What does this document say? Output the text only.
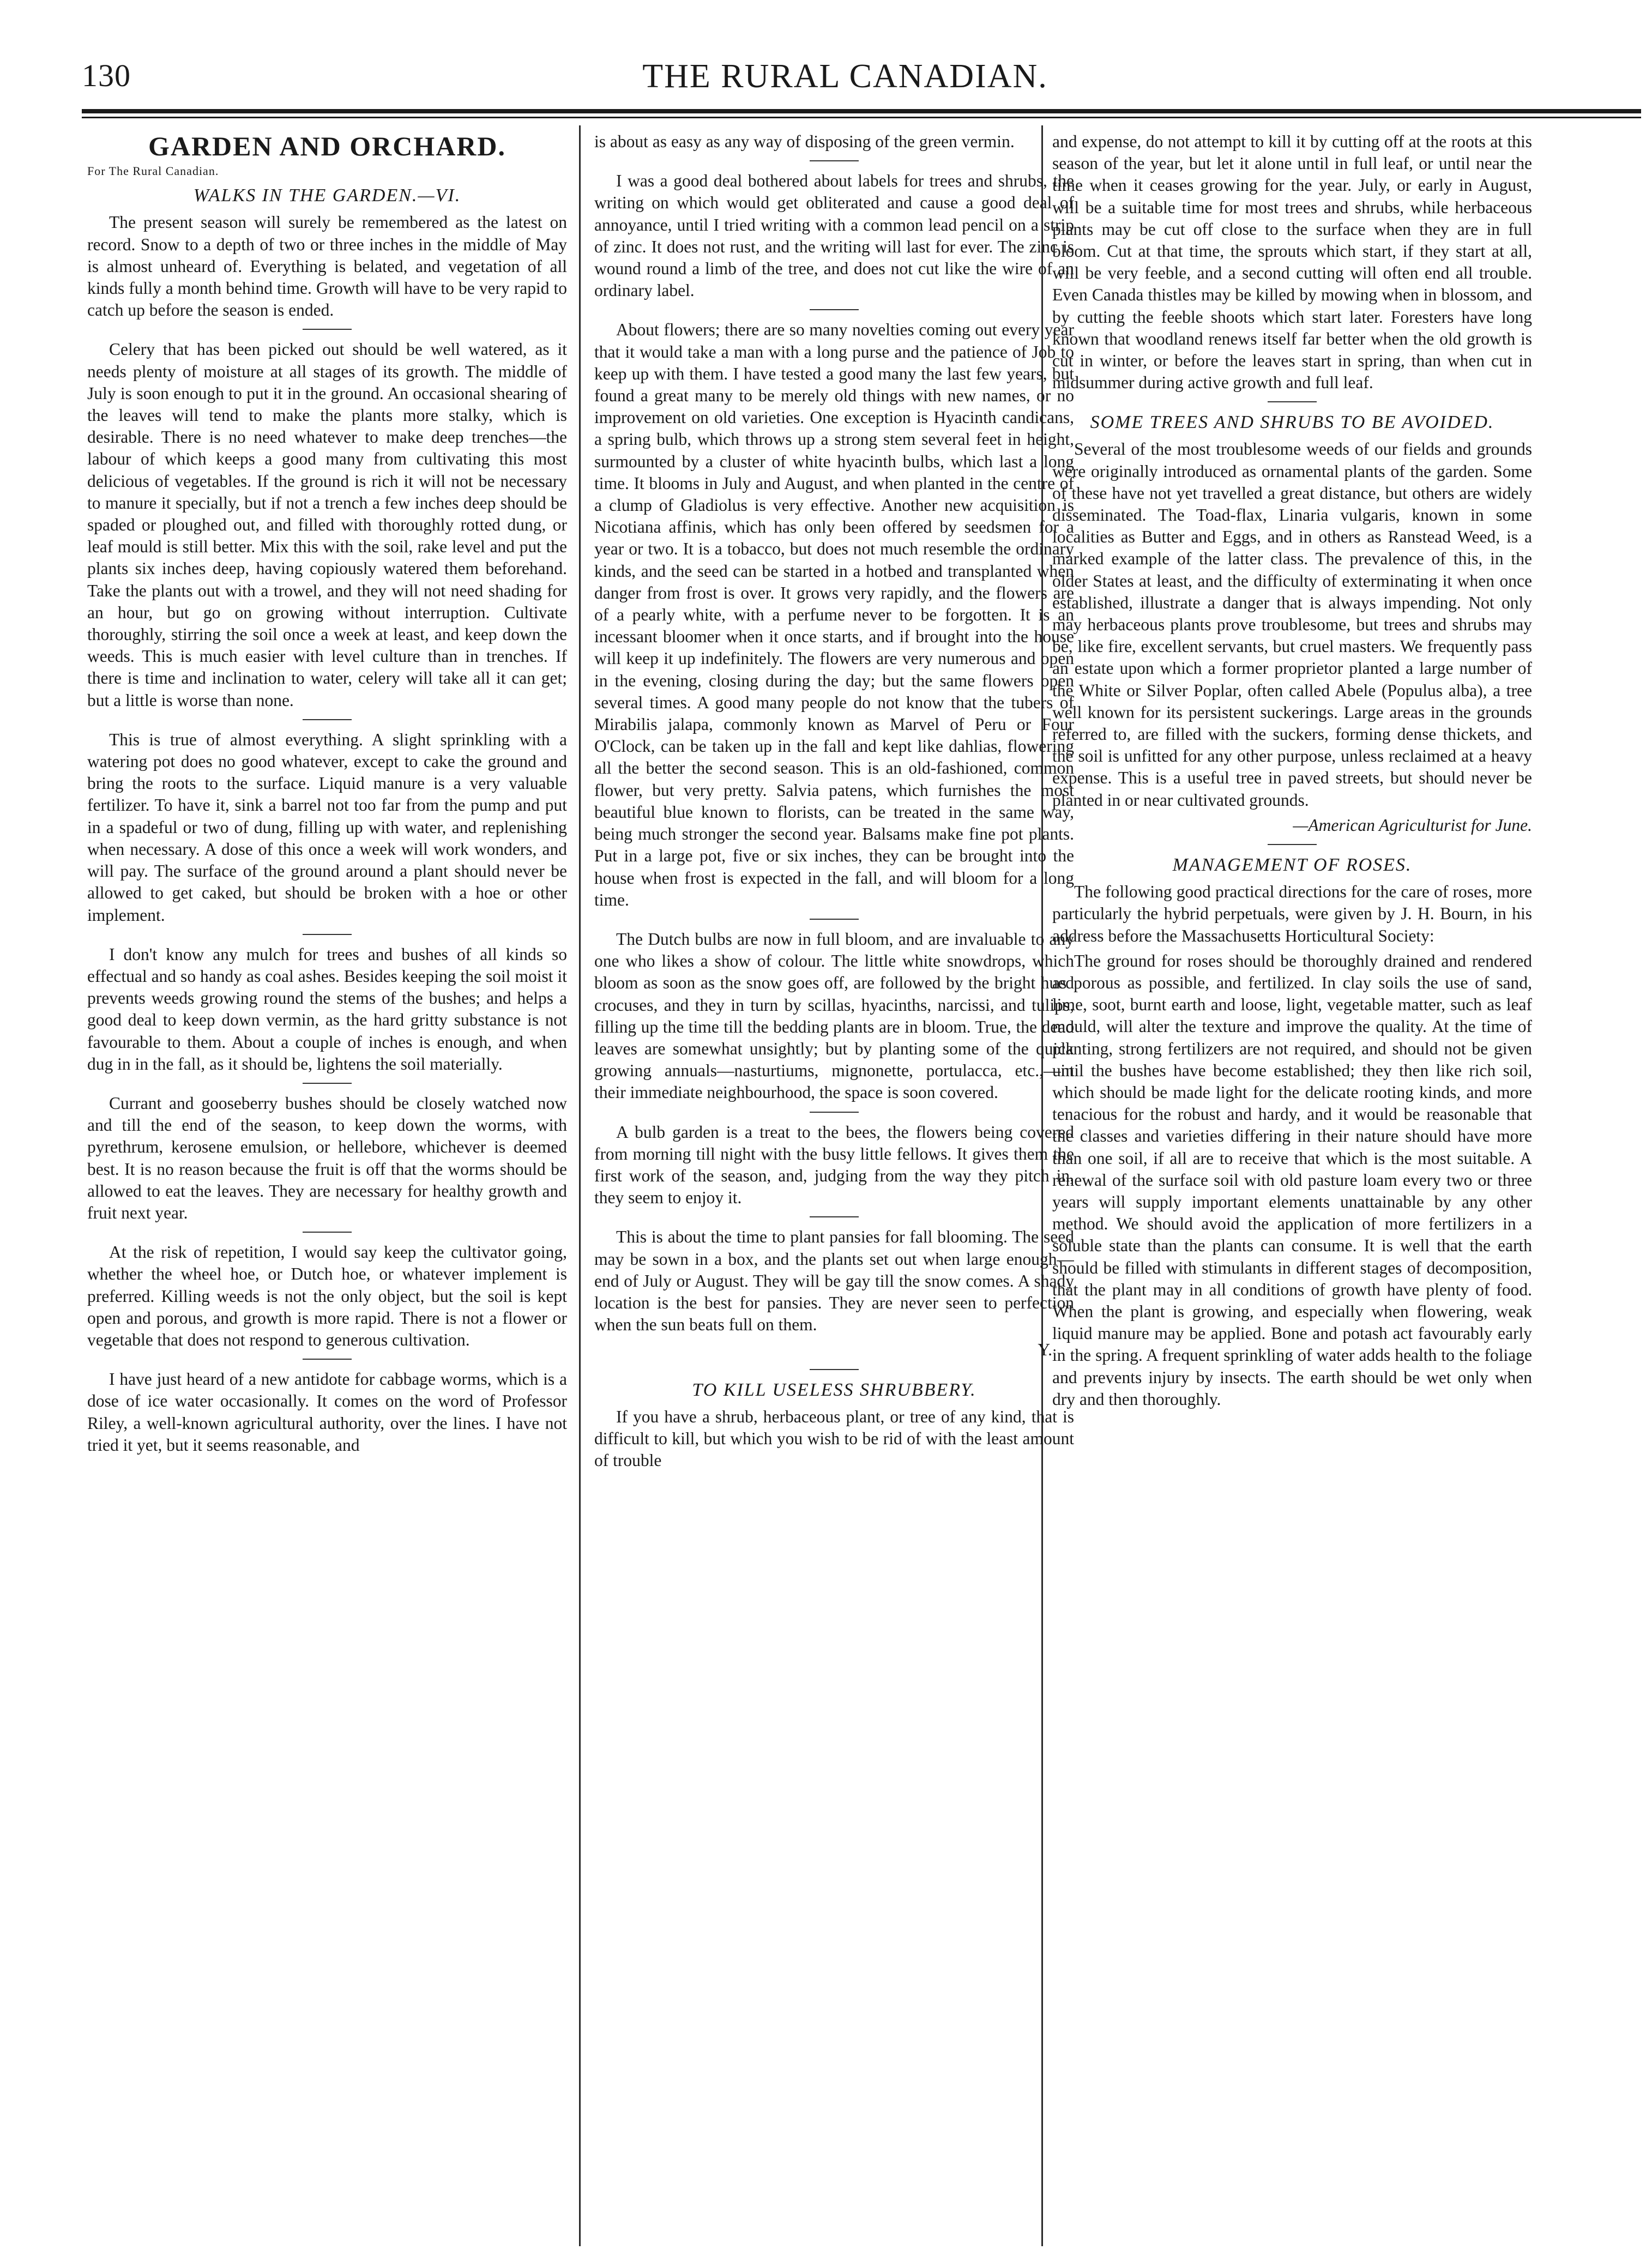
130	THE RURAL CANADIAN.
GARDEN AND ORCHARD.
For The Rural Canadian.
WALKS IN THE GARDEN.—VI.

The present season will surely be remembered as the latest on record. Snow to a depth of two or three inches in the middle of May is almost unheard of. Everything is belated, and vegetation of all kinds fully a month behind time. Growth will have to be very rapid to catch up before the season is ended.

Celery that has been picked out should be well watered, as it needs plenty of moisture at all stages of its growth. The middle of July is soon enough to put it in the ground. An occasional shearing of the leaves will tend to make the plants more stalky, which is desirable. There is no need whatever to make deep trenches—the labour of which keeps a good many from cultivating this most delicious of vegetables. If the ground is rich it will not be necessary to manure it specially, but if not a trench a few inches deep should be spaded or ploughed out, and filled with thoroughly rotted dung, or leaf mould is still better. Mix this with the soil, rake level and put the plants six inches deep, having copiously watered them beforehand. Take the plants out with a trowel, and they will not need shading for an hour, but go on growing without interruption. Cultivate thoroughly, stirring the soil once a week at least, and keep down the weeds. This is much easier with level culture than in trenches. If there is time and inclination to water, celery will take all it can get; but a little is worse than none.

This is true of almost everything. A slight sprinkling with a watering pot does no good whatever, except to cake the ground and bring the roots to the surface. Liquid manure is a very valuable fertilizer. To have it, sink a barrel not too far from the pump and put in a spadeful or two of dung, filling up with water, and replenishing when necessary. A dose of this once a week will work wonders, and will pay. The surface of the ground around a plant should never be allowed to get caked, but should be broken with a hoe or other implement.

I don't know any mulch for trees and bushes of all kinds so effectual and so handy as coal ashes. Besides keeping the soil moist it prevents weeds growing round the stems of the bushes; and helps a good deal to keep down vermin, as the hard gritty substance is not favourable to them. About a couple of inches is enough, and when dug in in the fall, as it should be, lightens the soil materially.

Currant and gooseberry bushes should be closely watched now and till the end of the season, to keep down the worms, with pyrethrum, kerosene emulsion, or hellebore, whichever is deemed best. It is no reason because the fruit is off that the worms should be allowed to eat the leaves. They are necessary for healthy growth and fruit next year.

At the risk of repetition, I would say keep the cultivator going, whether the wheel hoe, or Dutch hoe, or whatever implement is preferred. Killing weeds is not the only object, but the soil is kept open and porous, and growth is more rapid. There is not a flower or vegetable that does not respond to generous cultivation.

I have just heard of a new antidote for cabbage worms, which is a dose of ice water occasionally. It comes on the word of Professor Riley, a well-known agricultural authority, over the lines. I have not tried it yet, but it seems reasonable, and

is about as easy as any way of disposing of the green vermin.

I was a good deal bothered about labels for trees and shrubs, the writing on which would get obliterated and cause a good deal of annoyance, until I tried writing with a common lead pencil on a strip of zinc. It does not rust, and the writing will last for ever. The zinc is wound round a limb of the tree, and does not cut like the wire of an ordinary label.

About flowers; there are so many novelties coming out every year that it would take a man with a long purse and the patience of Job to keep up with them. I have tested a good many the last few years, but found a great many to be merely old things with new names, or no improvement on old varieties. One exception is Hyacinth candicans, a spring bulb, which throws up a strong stem several feet in height, surmounted by a cluster of white hyacinth bulbs, which last a long time. It blooms in July and August, and when planted in the centre of a clump of Gladiolus is very effective. Another new acquisition is Nicotiana affinis, which has only been offered by seedsmen for a year or two. It is a tobacco, but does not much resemble the ordinary kinds, and the seed can be started in a hotbed and transplanted when danger from frost is over. It grows very rapidly, and the flowers are of a pearly white, with a perfume never to be forgotten. It is an incessant bloomer when it once starts, and if brought into the house will keep it up indefinitely. The flowers are very numerous and open in the evening, closing during the day; but the same flowers open several times. A good many people do not know that the tubers of Mirabilis jalapa, commonly known as Marvel of Peru or Four O'Clock, can be taken up in the fall and kept like dahlias, flowering all the better the second season. This is an old-fashioned, common flower, but very pretty. Salvia patens, which furnishes the most beautiful blue known to florists, can be treated in the same way, being much stronger the second year. Balsams make fine pot plants. Put in a large pot, five or six inches, they can be brought into the house when frost is expected in the fall, and will bloom for a long time.

The Dutch bulbs are now in full bloom, and are invaluable to any one who likes a show of colour. The little white snowdrops, which bloom as soon as the snow goes off, are followed by the bright hued crocuses, and they in turn by scillas, hyacinths, narcissi, and tulips, filling up the time till the bedding plants are in bloom. True, the dead leaves are somewhat unsightly; but by planting some of the quick growing annuals—nasturtiums, mignonette, portulacca, etc.,—in their immediate neighbourhood, the space is soon covered.

A bulb garden is a treat to the bees, the flowers being covered from morning till night with the busy little fellows. It gives them the first work of the season, and, judging from the way they pitch in, they seem to enjoy it.

This is about the time to plant pansies for fall blooming. The seed may be sown in a box, and the plants set out when large enough—end of July or August. They will be gay till the snow comes. A shady location is the best for pansies. They are never seen to perfection when the sun beats full on them.

Y.

TO KILL USELESS SHRUBBERY.

If you have a shrub, herbaceous plant, or tree of any kind, that is difficult to kill, but which you wish to be rid of with the least amount of trouble

and expense, do not attempt to kill it by cutting off at the roots at this season of the year, but let it alone until in full leaf, or until near the time when it ceases growing for the year. July, or early in August, will be a suitable time for most trees and shrubs, while herbaceous plants may be cut off close to the surface when they are in full bloom. Cut at that time, the sprouts which start, if they start at all, will be very feeble, and a second cutting will often end all trouble. Even Canada thistles may be killed by mowing when in blossom, and by cutting the feeble shoots which start later. Foresters have long known that woodland renews itself far better when the old growth is cut in winter, or before the leaves start in spring, than when cut in midsummer during active growth and full leaf.

SOME TREES AND SHRUBS TO BE AVOIDED.

Several of the most troublesome weeds of our fields and grounds were originally introduced as ornamental plants of the garden. Some of these have not yet travelled a great distance, but others are widely disseminated. The Toad-flax, Linaria vulgaris, known in some localities as Butter and Eggs, and in others as Ranstead Weed, is a marked example of the latter class. The prevalence of this, in the older States at least, and the difficulty of exterminating it when once established, illustrate a danger that is always impending. Not only may herbaceous plants prove troublesome, but trees and shrubs may be, like fire, excellent servants, but cruel masters. We frequently pass an estate upon which a former proprietor planted a large number of the White or Silver Poplar, often called Abele (Populus alba), a tree well known for its persistent suckerings. Large areas in the grounds referred to, are filled with the suckers, forming dense thickets, and the soil is unfitted for any other purpose, unless reclaimed at a heavy expense. This is a useful tree in paved streets, but should never be planted in or near cultivated grounds.

—American Agriculturist for June.

MANAGEMENT OF ROSES.

The following good practical directions for the care of roses, more particularly the hybrid perpetuals, were given by J. H. Bourn, in his address before the Massachusetts Horticultural Society:

The ground for roses should be thoroughly drained and rendered as porous as possible, and fertilized. In clay soils the use of sand, lime, soot, burnt earth and loose, light, vegetable matter, such as leaf mould, will alter the texture and improve the quality. At the time of planting, strong fertilizers are not required, and should not be given until the bushes have become established; they then like rich soil, which should be made light for the delicate rooting kinds, and more tenacious for the robust and hardy, and it would be reasonable that the classes and varieties differing in their nature should have more than one soil, if all are to receive that which is the most suitable. A renewal of the surface soil with old pasture loam every two or three years will supply important elements unattainable by any other method. We should avoid the application of more fertilizers in a soluble state than the plants can consume. It is well that the earth should be filled with stimulants in different stages of decomposition, that the plant may in all conditions of growth have plenty of food. When the plant is growing, and especially when flowering, weak liquid manure may be applied. Bone and potash act favourably early in the spring. A frequent sprinkling of water adds health to the foliage and prevents injury by insects. The earth should be wet only when dry and then thoroughly.
